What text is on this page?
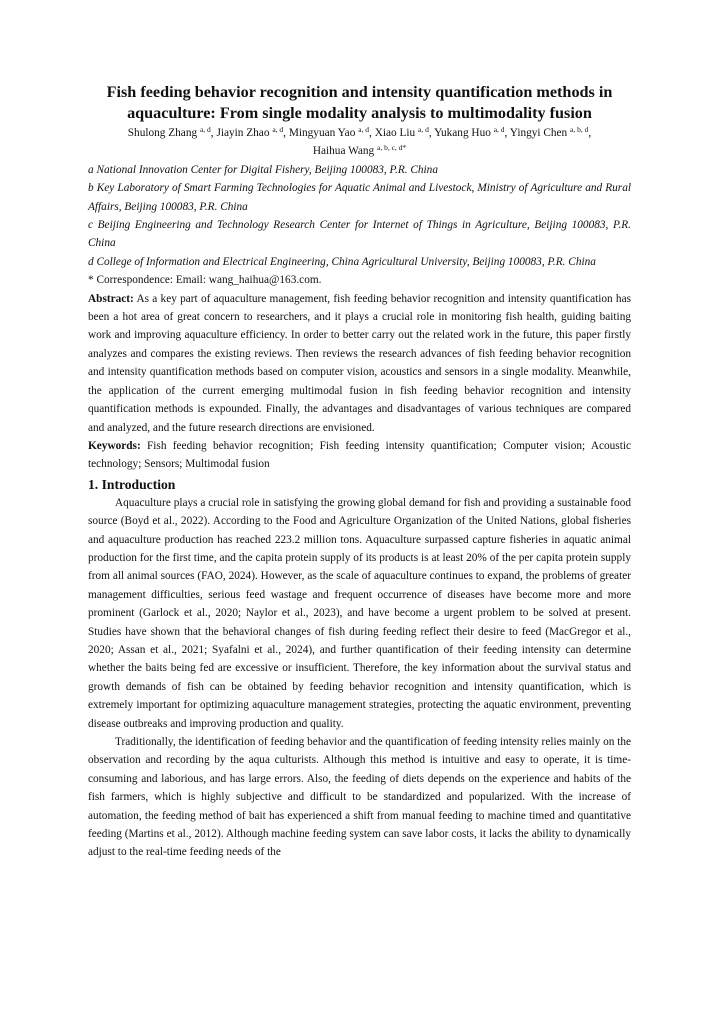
Fish feeding behavior recognition and intensity quantification methods in aquaculture: From single modality analysis to multimodality fusion

Shulong Zhang $^{a, d}$, Jiayin Zhao $^{a, d}$, Mingyuan Yao $^{a, d}$, Xiao Liu $^{a, d}$, Yukang Huo $^{a, d}$, Yingyi Chen $^{a, b, d}$,
Haihua Wang $^{a, b, c, d*}$

a National Innovation Center for Digital Fishery, Beijing 100083, P.R. China

b Key Laboratory of Smart Farming Technologies for Aquatic Animal and Livestock, Ministry of Agriculture and Rural Affairs, Beijing 100083, P.R. China

c Beijing Engineering and Technology Research Center for Internet of Things in Agriculture, Beijing 100083, P.R. China

d College of Information and Electrical Engineering, China Agricultural University, Beijing 100083, P.R. China

* Correspondence: Email: wang_haihua@163.com.

Abstract: As a key part of aquaculture management, fish feeding behavior recognition and intensity quantification has been a hot area of great concern to researchers, and it plays a crucial role in monitoring fish health, guiding baiting work and improving aquaculture efficiency. In order to better carry out the related work in the future, this paper firstly analyzes and compares the existing reviews. Then reviews the research advances of fish feeding behavior recognition and intensity quantification methods based on computer vision, acoustics and sensors in a single modality. Meanwhile, the application of the current emerging multimodal fusion in fish feeding behavior recognition and intensity quantification methods is expounded. Finally, the advantages and disadvantages of various techniques are compared and analyzed, and the future research directions are envisioned.

Keywords: Fish feeding behavior recognition; Fish feeding intensity quantification; Computer vision; Acoustic technology; Sensors; Multimodal fusion

1. Introduction

Aquaculture plays a crucial role in satisfying the growing global demand for fish and providing a sustainable food source (Boyd et al., 2022). According to the Food and Agriculture Organization of the United Nations, global fisheries and aquaculture production has reached 223.2 million tons. Aquaculture surpassed capture fisheries in aquatic animal production for the first time, and the capita protein supply of its products is at least 20% of the per capita protein supply from all animal sources (FAO, 2024). However, as the scale of aquaculture continues to expand, the problems of greater management difficulties, serious feed wastage and frequent occurrence of diseases have become more and more prominent (Garlock et al., 2020; Naylor et al., 2023), and have become a urgent problem to be solved at present. Studies have shown that the behavioral changes of fish during feeding reflect their desire to feed (MacGregor et al., 2020; Assan et al., 2021; Syafalni et al., 2024), and further quantification of their feeding intensity can determine whether the baits being fed are excessive or insufficient. Therefore, the key information about the survival status and growth demands of fish can be obtained by feeding behavior recognition and intensity quantification, which is extremely important for optimizing aquaculture management strategies, protecting the aquatic environment, preventing disease outbreaks and improving production and quality.

Traditionally, the identification of feeding behavior and the quantification of feeding intensity relies mainly on the observation and recording by the aqua culturists. Although this method is intuitive and easy to operate, it is time-consuming and laborious, and has large errors. Also, the feeding of diets depends on the experience and habits of the fish farmers, which is highly subjective and difficult to be standardized and popularized. With the increase of automation, the feeding method of bait has experienced a shift from manual feeding to machine timed and quantitative feeding (Martins et al., 2012). Although machine feeding system can save labor costs, it lacks the ability to dynamically adjust to the real-time feeding needs of the
